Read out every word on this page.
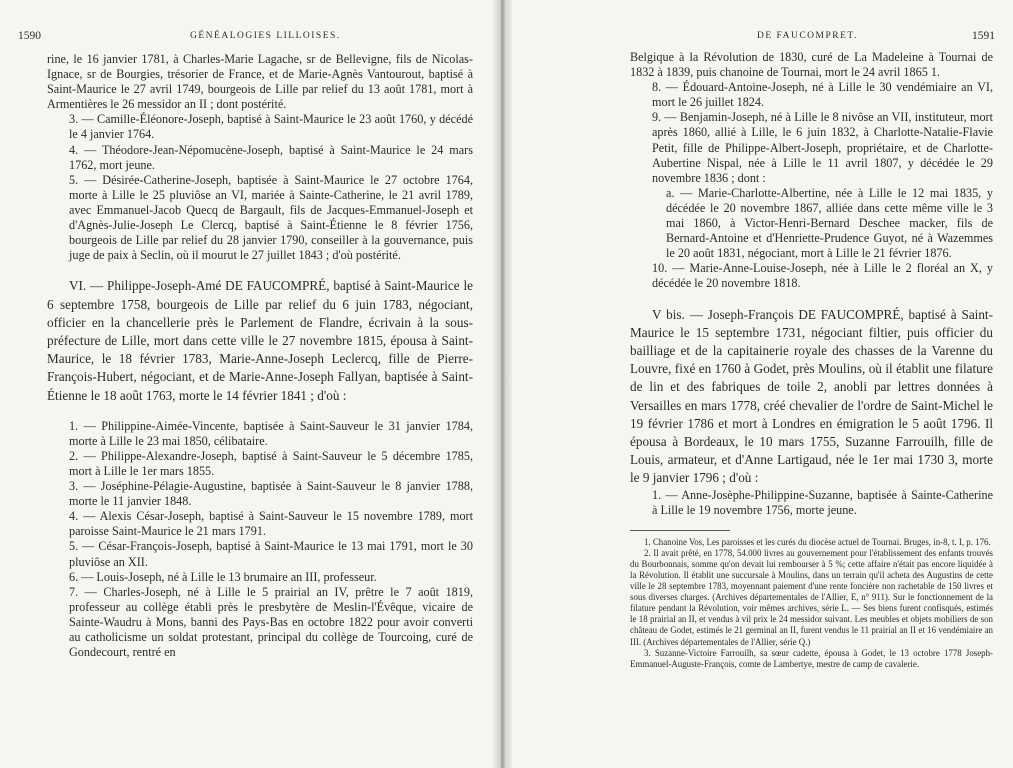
1590	GÉNÉALOGIES LILLOISES.

rine, le 16 janvier 1781, à Charles-Marie Lagache, sr de Bellevigne, fils de Nicolas-Ignace, sr de Bourgies, trésorier de France, et de Marie-Agnès Vantourout, baptisé à Saint-Maurice le 27 avril 1749, bourgeois de Lille par relief du 13 août 1781, mort à Armentières le 26 messidor an II ; dont postérité.

3. — Camille-Éléonore-Joseph, baptisé à Saint-Maurice le 23 août 1760, y décédé le 4 janvier 1764.

4. — Théodore-Jean-Népomucène-Joseph, baptisé à Saint-Maurice le 24 mars 1762, mort jeune.

5. — Désirée-Catherine-Joseph, baptisée à Saint-Maurice le 27 octobre 1764, morte à Lille le 25 pluviôse an VI, mariée à Sainte-Catherine, le 21 avril 1789, avec Emmanuel-Jacob Quecq de Bargault, fils de Jacques-Emmanuel-Joseph et d'Agnès-Julie-Joseph Le Clercq, baptisé à Saint-Étienne le 8 février 1756, bourgeois de Lille par relief du 28 janvier 1790, conseiller à la gouvernance, puis juge de paix à Seclin, où il mourut le 27 juillet 1843 ; d'où postérité.

VI. — Philippe-Joseph-Amé DE FAUCOMPRÉ, baptisé à Saint-Maurice le 6 septembre 1758, bourgeois de Lille par relief du 6 juin 1783, négociant, officier en la chancellerie près le Parlement de Flandre, écrivain à la sous-préfecture de Lille, mort dans cette ville le 27 novembre 1815, épousa à Saint-Maurice, le 18 février 1783, Marie-Anne-Joseph Leclercq, fille de Pierre-François-Hubert, négociant, et de Marie-Anne-Joseph Fallyan, baptisée à Saint-Étienne le 18 août 1763, morte le 14 février 1841 ; d'où :

1. — Philippine-Aimée-Vincente, baptisée à Saint-Sauveur le 31 janvier 1784, morte à Lille le 23 mai 1850, célibataire.

2. — Philippe-Alexandre-Joseph, baptisé à Saint-Sauveur le 5 décembre 1785, mort à Lille le 1er mars 1855.

3. — Joséphine-Pélagie-Augustine, baptisée à Saint-Sauveur le 8 janvier 1788, morte le 11 janvier 1848.

4. — Alexis César-Joseph, baptisé à Saint-Sauveur le 15 novembre 1789, mort paroisse Saint-Maurice le 21 mars 1791.

5. — César-François-Joseph, baptisé à Saint-Maurice le 13 mai 1791, mort le 30 pluviôse an XII.

6. — Louis-Joseph, né à Lille le 13 brumaire an III, professeur.

7. — Charles-Joseph, né à Lille le 5 prairial an IV, prêtre le 7 août 1819, professeur au collège établi près le presbytère de Meslin-l'Évêque, vicaire de Sainte-Waudru à Mons, banni des Pays-Bas en octobre 1822 pour avoir converti au catholicisme un soldat protestant, principal du collège de Tourcoing, curé de Gondecourt, rentré en

DE FAUCOMPRET.	1591

Belgique à la Révolution de 1830, curé de La Madeleine à Tournai de 1832 à 1839, puis chanoine de Tournai, mort le 24 avril 1865 1.

8. — Édouard-Antoine-Joseph, né à Lille le 30 vendémiaire an VI, mort le 26 juillet 1824.

9. — Benjamin-Joseph, né à Lille le 8 nivôse an VII, instituteur, mort après 1860, allié à Lille, le 6 juin 1832, à Charlotte-Natalie-Flavie Petit, fille de Philippe-Albert-Joseph, propriétaire, et de Charlotte-Aubertine Nispal, née à Lille le 11 avril 1807, y décédée le 29 novembre 1836 ; dont :

a. — Marie-Charlotte-Albertine, née à Lille le 12 mai 1835, y décédée le 20 novembre 1867, alliée dans cette même ville le 3 mai 1860, à Victor-Henri-Bernard Deschee macker, fils de Bernard-Antoine et d'Henriette-Prudence Guyot, né à Wazemmes le 20 août 1831, négociant, mort à Lille le 21 février 1876.

10. — Marie-Anne-Louise-Joseph, née à Lille le 2 floréal an X, y décédée le 20 novembre 1818.

V bis. — Joseph-François DE FAUCOMPRÉ, baptisé à Saint-Maurice le 15 septembre 1731, négociant filtier, puis officier du bailliage et de la capitainerie royale des chasses de la Varenne du Louvre, fixé en 1760 à Godet, près Moulins, où il établit une filature de lin et des fabriques de toile 2, anobli par lettres données à Versailles en mars 1778, créé chevalier de l'ordre de Saint-Michel le 19 février 1786 et mort à Londres en émigration le 5 août 1796. Il épousa à Bordeaux, le 10 mars 1755, Suzanne Farrouilh, fille de Louis, armateur, et d'Anne Lartigaud, née le 1er mai 1730 3, morte le 9 janvier 1796 ; d'où :

1. — Anne-Josèphe-Philippine-Suzanne, baptisée à Sainte-Catherine à Lille le 19 novembre 1756, morte jeune.

1. Chanoine Vos, Les paroisses et les curés du diocèse actuel de Tournai. Bruges, in-8, t. I, p. 176.

2. Il avait prêté, en 1778, 54.000 livres au gouvernement pour l'établissement des enfants trouvés du Bourbonnais, somme qu'on devait lui rembourser à 5 %; cette affaire n'était pas encore liquidée à la Révolution. Il établit une succursale à Moulins, dans un terrain qu'il acheta des Augustins de cette ville le 28 septembre 1783, moyennant paiement d'une rente foncière non rachetable de 150 livres et sous diverses charges. (Archives départementales de l'Allier, E, n° 911). Sur le fonctionnement de la filature pendant la Révolution, voir mêmes archives, série L. — Ses biens furent confisqués, estimés le 18 prairial an II, et vendus à vil prix le 24 messidor suivant. Les meubles et objets mobiliers de son château de Godet, estimés le 21 germinal an II, furent vendus le 11 prairial an II et 16 vendémiaire an III. (Archives départementales de l'Allier, série Q.)

3. Suzanne-Victoire Farrouilh, sa sœur cadette, épousa à Godet, le 13 octobre 1778 Joseph-Emmanuel-Auguste-François, comte de Lambertye, mestre de camp de cavalerie.
